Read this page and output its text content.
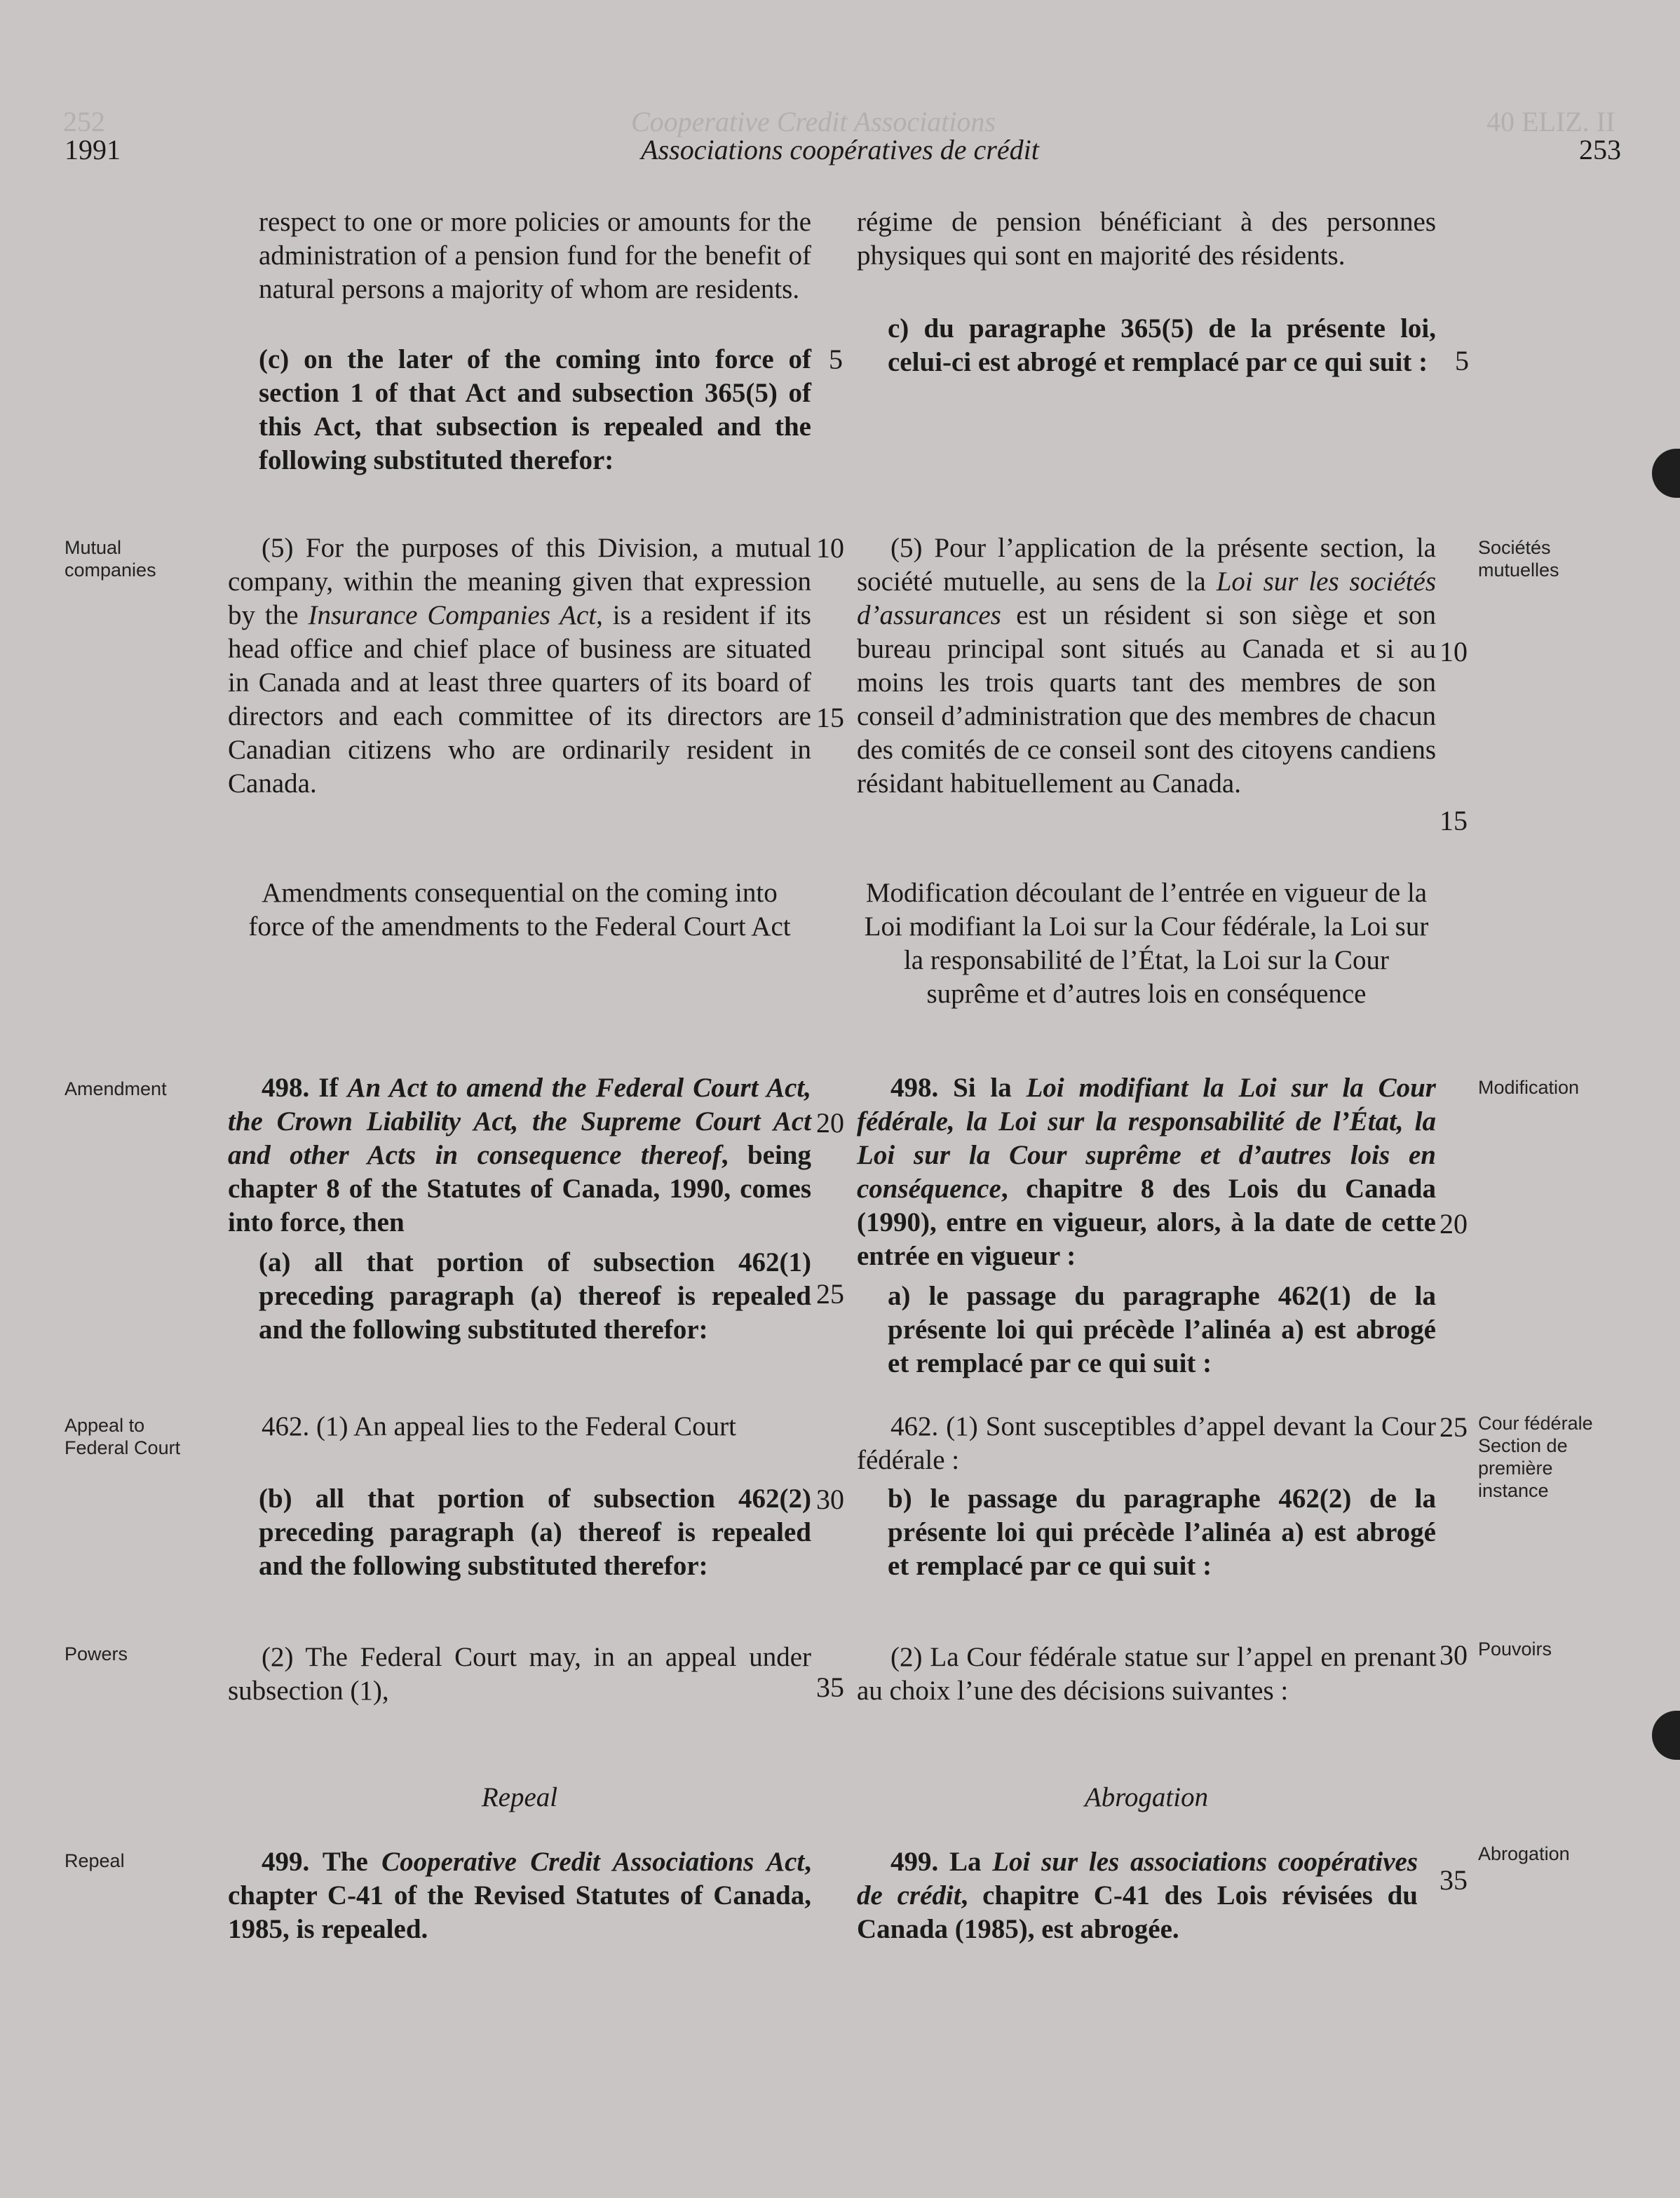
252	Cooperative Credit Associations	40 ELIZ. II
1991	Associations coopératives de crédit	253

respect to one or more policies or amounts for the administration of a pension fund for the benefit of natural persons a majority of whom are residents.

(c) on the later of the coming into force of section 1 of that Act and subsection 365(5) of this Act, that subsection is repealed and the following substituted therefor:

(5) For the purposes of this Division, a mutual company, within the meaning given that expression by the Insurance Companies Act, is a resident if its head office and chief place of business are situated in Canada and at least three quarters of its board of directors and each committee of its directors are Canadian citizens who are ordinarily resident in Canada.

Amendments consequential on the coming into force of the amendments to the Federal Court Act

498. If An Act to amend the Federal Court Act, the Crown Liability Act, the Supreme Court Act and other Acts in consequence thereof, being chapter 8 of the Statutes of Canada, 1990, comes into force, then

(a) all that portion of subsection 462(1) preceding paragraph (a) thereof is repealed and the following substituted therefor:

462. (1) An appeal lies to the Federal Court

(b) all that portion of subsection 462(2) preceding paragraph (a) thereof is repealed and the following substituted therefor:

(2) The Federal Court may, in an appeal under subsection (1),

Repeal

499. The Cooperative Credit Associations Act, chapter C-41 of the Revised Statutes of Canada, 1985, is repealed.

régime de pension bénéficiant à des personnes physiques qui sont en majorité des résidents.

c) du paragraphe 365(5) de la présente loi, celui-ci est abrogé et remplacé par ce qui suit :

(5) Pour l’application de la présente section, la société mutuelle, au sens de la Loi sur les sociétés d’assurances est un résident si son siège et son bureau principal sont situés au Canada et si au moins les trois quarts tant des membres de son conseil d’administration que des membres de chacun des comités de ce conseil sont des citoyens candiens résidant habituellement au Canada.

Modification découlant de l’entrée en vigueur de la Loi modifiant la Loi sur la Cour fédérale, la Loi sur la responsabilité de l’État, la Loi sur la Cour suprême et d’autres lois en conséquence

498. Si la Loi modifiant la Loi sur la Cour fédérale, la Loi sur la responsabilité de l’État, la Loi sur la Cour suprême et d’autres lois en conséquence, chapitre 8 des Lois du Canada (1990), entre en vigueur, alors, à la date de cette entrée en vigueur :

a) le passage du paragraphe 462(1) de la présente loi qui précède l’alinéa a) est abrogé et remplacé par ce qui suit :

462. (1) Sont susceptibles d’appel devant la Cour fédérale :

b) le passage du paragraphe 462(2) de la présente loi qui précède l’alinéa a) est abrogé et remplacé par ce qui suit :

(2) La Cour fédérale statue sur l’appel en prenant au choix l’une des décisions suivantes :

Abrogation

499. La Loi sur les associations coopératives de crédit, chapitre C-41 des Lois révisées du Canada (1985), est abrogée.

5
10
15
20
25
30
35
5
10
15
20
25
30
35
Mutual companies
Amendment
Appeal to Federal Court
Powers
Repeal
Sociétés mutuelles
Modification
Cour fédérale Section de première instance
Pouvoirs
Abrogation
